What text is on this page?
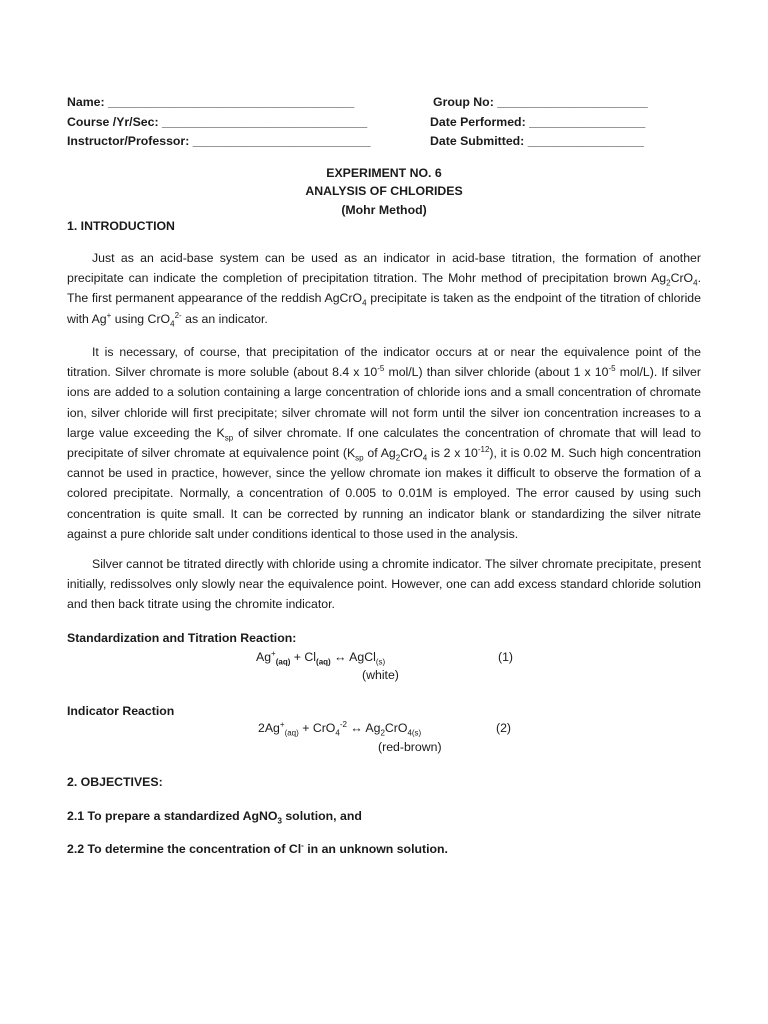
Name: ____________________________________
Course /Yr/Sec: ______________________________
Instructor/Professor: __________________________
Group No: ______________________
Date Performed: _________________
Date Submitted: _________________
EXPERIMENT NO. 6
ANALYSIS OF CHLORIDES
(Mohr Method)
1. INTRODUCTION
Just as an acid-base system can be used as an indicator in acid-base titration, the formation of another precipitate can indicate the completion of precipitation titration. The Mohr method of precipitation brown $Ag_2CrO_4$. The first permanent appearance of the reddish AgCrO$_4$ precipitate is taken as the endpoint of the titration of chloride with Ag+ using CrO$_4^{2-}$ as an indicator.
It is necessary, of course, that precipitation of the indicator occurs at or near the equivalence point of the titration. Silver chromate is more soluble (about 8.4 x $10^{-5}$ mol/L) than silver chloride (about 1 x $10^{-5}$ mol/L). If silver ions are added to a solution containing a large concentration of chloride ions and a small concentration of chromate ion, silver chloride will first precipitate; silver chromate will not form until the silver ion concentration increases to a large value exceeding the $K_{sp}$ of silver chromate. If one calculates the concentration of chromate that will lead to precipitate of silver chromate at equivalence point ($K_{sp}$ of $Ag_2CrO_4$ is 2 x $10^{-12}$), it is 0.02 M. Such high concentration cannot be used in practice, however, since the yellow chromate ion makes it difficult to observe the formation of a colored precipitate. Normally, a concentration of 0.005 to 0.01M is employed. The error caused by using such concentration is quite small. It can be corrected by running an indicator blank or standardizing the silver nitrate against a pure chloride salt under conditions identical to those used in the analysis.
Silver cannot be titrated directly with chloride using a chromite indicator. The silver chromate precipitate, present initially, redissolves only slowly near the equivalence point. However, one can add excess standard chloride solution and then back titrate using the chromite indicator.
Standardization and Titration Reaction:
$Ag^+_{(aq)} + Cl_{(aq)}$ ↔ AgCl$_{(s)}$
(white)
(1)
Indicator Reaction
$2Ag^+_{(aq)} + CrO_4^{-2}$ ↔ $Ag_2CrO_{4(s)}$
(red-brown)
(2)
2. OBJECTIVES:
2.1 To prepare a standardized AgNO$_3$ solution, and
2.2 To determine the concentration of Cl- in an unknown solution.
